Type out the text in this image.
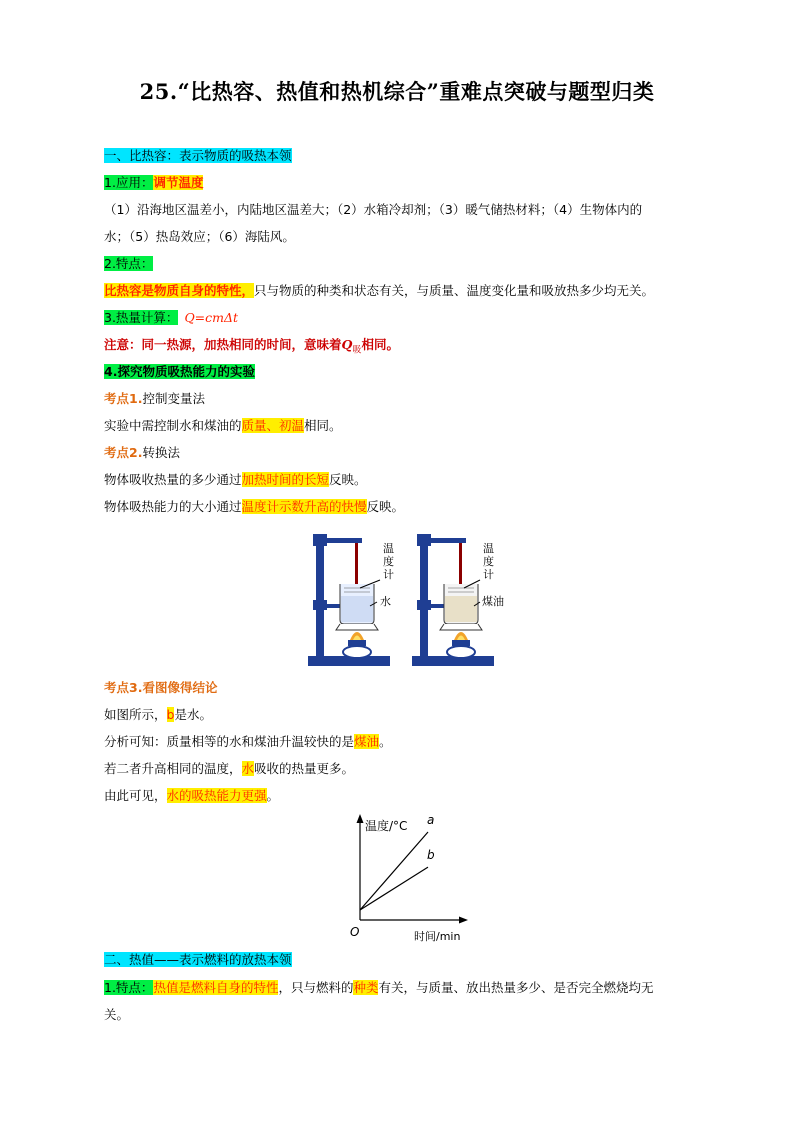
25.“比热容、热值和热机综合”重难点突破与题型归类
一、比热容：表示物质的吸热本领
1.应用：调节温度
（1）沿海地区温差小，内陆地区温差大；（2）水箱冷却剂；（3）暖气储热材料；（4）生物体内的
水；（5）热岛效应；（6）海陆风。
2.特点：
比热容是物质自身的特性，只与物质的种类和状态有关，与质量、温度变化量和吸放热多少均无关。
3.热量计算： Q=cmΔt
注意：同一热源，加热相同的时间，意味着$Q_吸$相同。
4.探究物质吸热能力的实验
考点1.控制变量法
实验中需控制水和煤油的质量、初温相同。
考点2.转换法
物体吸收热量的多少通过加热时间的长短反映。
物体吸热能力的大小通过温度计示数升高的快慢反映。
温
度
计
水
温
度
计
煤油
考点3.看图像得结论
如图所示，b是水。
分析可知：质量相等的水和煤油升温较快的是煤油。
若二者升高相同的温度，水吸收的热量更多。
由此可见，水的吸热能力更强。
温度/°C
时间/min
O
a
b
二、热值——表示燃料的放热本领
1.特点：热值是燃料自身的特性，只与燃料的种类有关，与质量、放出热量多少、是否完全燃烧均无
关。
